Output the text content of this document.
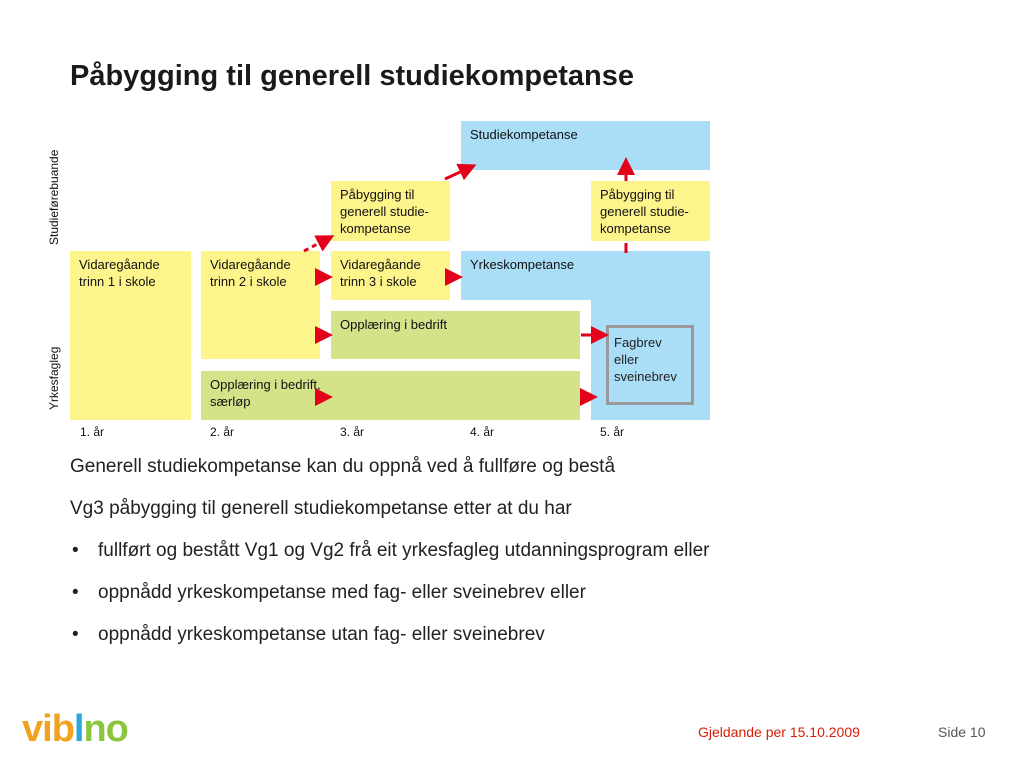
Påbygging til generell studiekompetanse
Studieførebuande
Yrkesfagleg
Studiekompetanse
Yrkeskompetanse
Vidaregåande
trinn 1 i skole
Vidaregåande
trinn 2 i skole
Vidaregåande
trinn 3 i skole
Påbygging til
generell studie-
kompetanse
Påbygging til
generell studie-
kompetanse
Opplæring i bedrift
Opplæring i bedrift,
særløp
Fagbrev
eller
sveinebrev
1. år	2. år	3. år	4. år	5. år
Generell studiekompetanse kan du oppnå ved å fullføre og bestå
Vg3 påbygging til generell studiekompetanse etter at du har
•	fullført og bestått Vg1 og Vg2 frå eit yrkesfagleg utdanningsprogram eller
•	oppnådd yrkeskompetanse med fag- eller sveinebrev eller
•	oppnådd yrkeskompetanse utan fag- eller sveinebrev
viblno	Gjeldande per 15.10.2009	Side 10
